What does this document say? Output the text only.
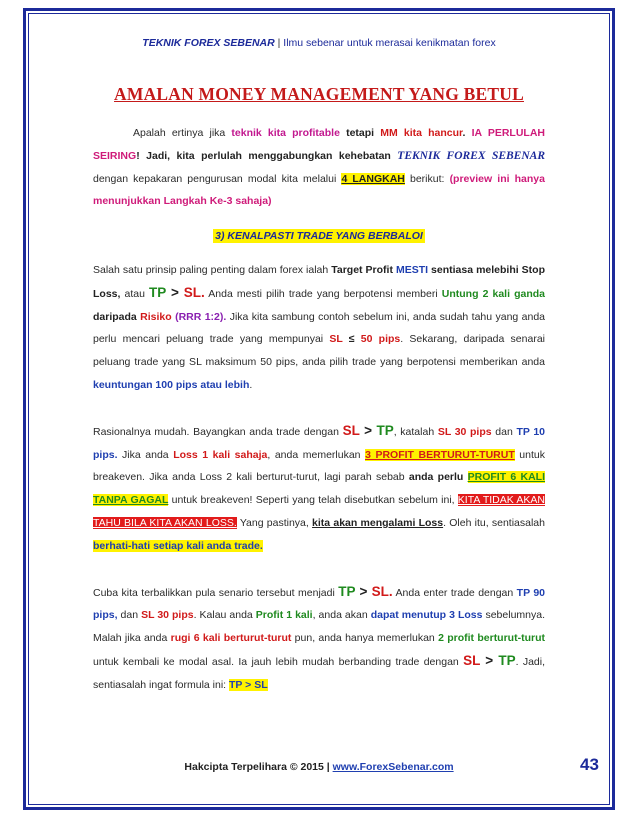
TEKNIK FOREX SEBENAR | Ilmu sebenar untuk merasai kenikmatan forex
AMALAN MONEY MANAGEMENT YANG BETUL

Apalah ertinya jika teknik kita profitable tetapi MM kita hancur. IA PERLULAH SEIRING! Jadi, kita perlulah menggabungkan kehebatan TEKNIK FOREX SEBENAR dengan kepakaran pengurusan modal kita melalui 4 LANGKAH berikut: (preview ini hanya menunjukkan Langkah Ke-3 sahaja)

3) KENALPASTI TRADE YANG BERBALOI

Salah satu prinsip paling penting dalam forex ialah Target Profit MESTI sentiasa melebihi Stop Loss, atau TP > SL. Anda mesti pilih trade yang berpotensi memberi Untung 2 kali ganda daripada Risiko (RRR 1:2). Jika kita sambung contoh sebelum ini, anda sudah tahu yang anda perlu mencari peluang trade yang mempunyai SL ≤ 50 pips. Sekarang, daripada senarai peluang trade yang SL maksimum 50 pips, anda pilih trade yang berpotensi memberikan anda keuntungan 100 pips atau lebih.

Rasionalnya mudah. Bayangkan anda trade dengan SL > TP, katalah SL 30 pips dan TP 10 pips. Jika anda Loss 1 kali sahaja, anda memerlukan 3 PROFIT BERTURUT-TURUT untuk breakeven. Jika anda Loss 2 kali berturut-turut, lagi parah sebab anda perlu PROFIT 6 KALI TANPA GAGAL untuk breakeven! Seperti yang telah disebutkan sebelum ini, KITA TIDAK AKAN TAHU BILA KITA AKAN LOSS. Yang pastinya, kita akan mengalami Loss. Oleh itu, sentiasalah berhati-hati setiap kali anda trade.

Cuba kita terbalikkan pula senario tersebut menjadi TP > SL. Anda enter trade dengan TP 90 pips, dan SL 30 pips. Kalau anda Profit 1 kali, anda akan dapat menutup 3 Loss sebelumnya. Malah jika anda rugi 6 kali berturut-turut pun, anda hanya memerlukan 2 profit berturut-turut untuk kembali ke modal asal. Ia jauh lebih mudah berbanding trade dengan SL > TP. Jadi, sentiasalah ingat formula ini: TP > SL

Hakcipta Terpelihara © 2015 | www.ForexSebenar.com	43
